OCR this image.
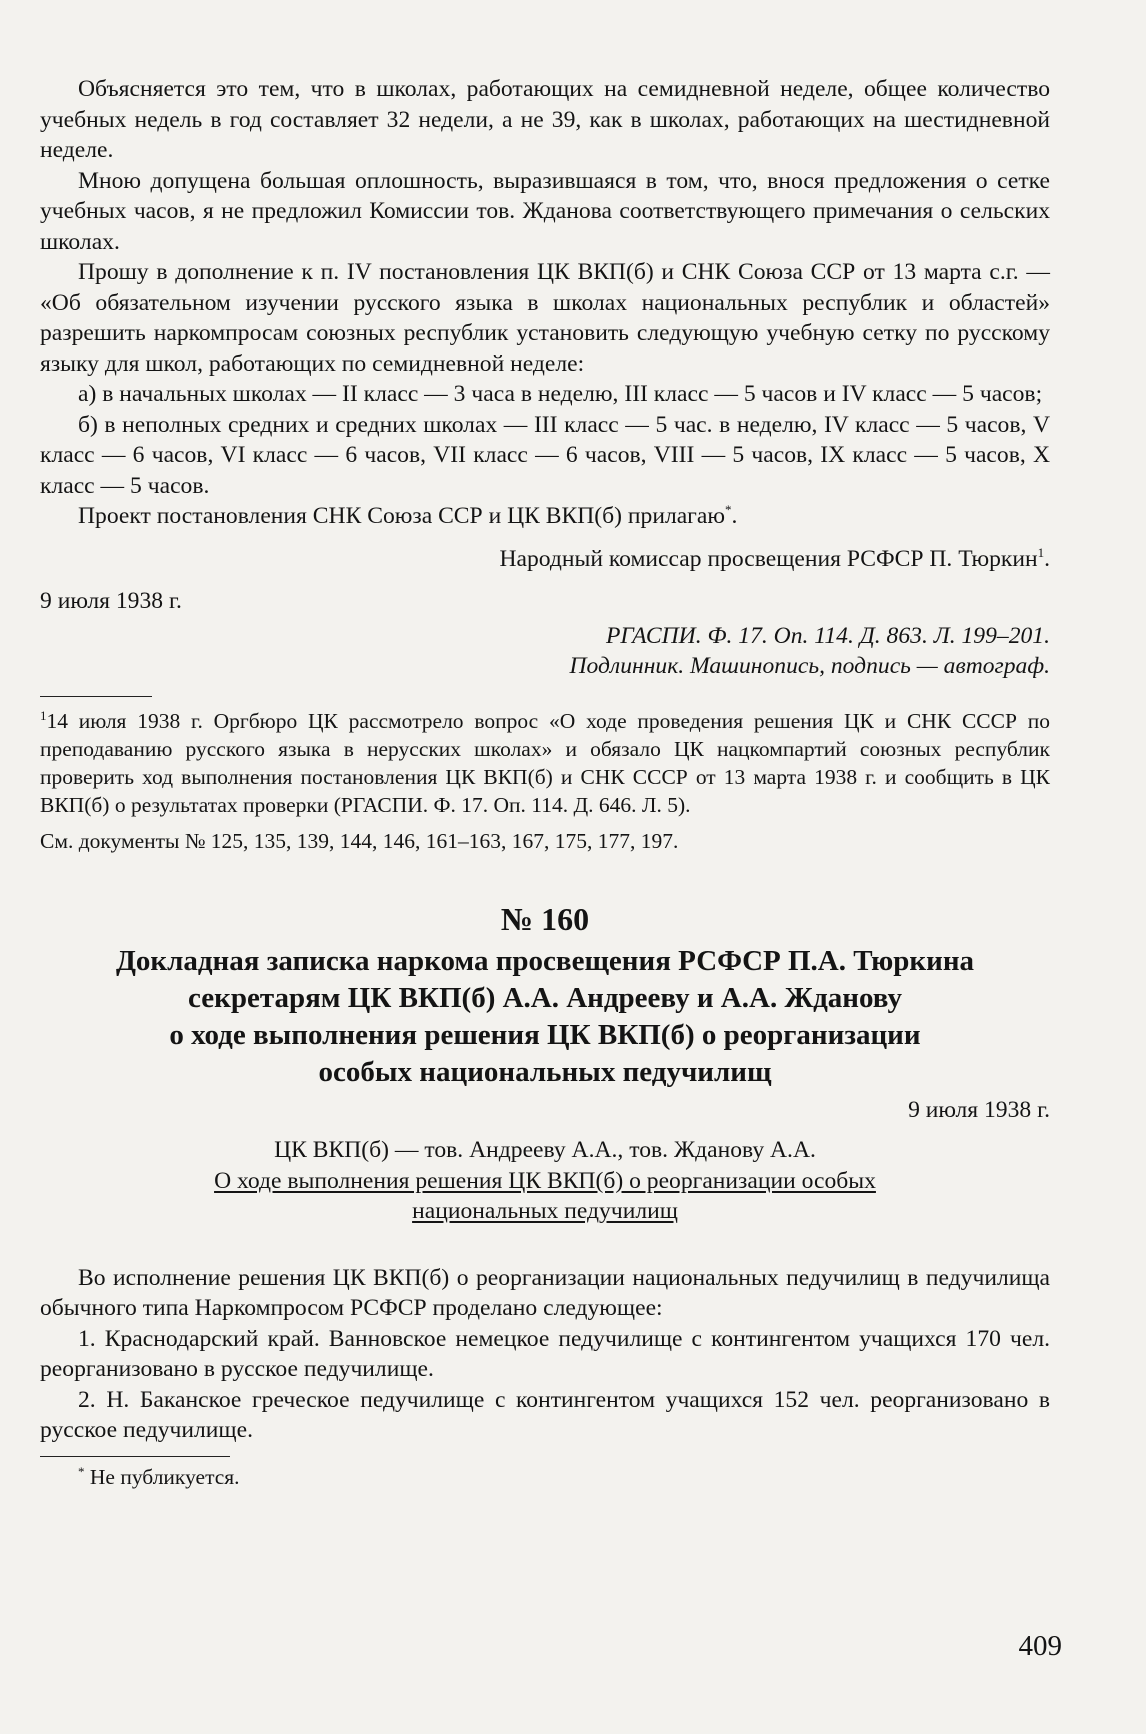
Объясняется это тем, что в школах, работающих на семидневной неделе, общее количество учебных недель в год составляет 32 недели, а не 39, как в школах, работающих на шестидневной неделе.

Мною допущена большая оплошность, выразившаяся в том, что, внося предложения о сетке учебных часов, я не предложил Комиссии тов. Жданова соответствующего примечания о сельских школах.

Прошу в дополнение к п. IV постановления ЦК ВКП(б) и СНК Союза ССР от 13 марта с.г. — «Об обязательном изучении русского языка в школах национальных республик и областей» разрешить наркомпросам союзных республик установить следующую учебную сетку по русскому языку для школ, работающих по семидневной неделе:

а) в начальных школах — II класс — 3 часа в неделю, III класс — 5 часов и IV класс — 5 часов;

б) в неполных средних и средних школах — III класс — 5 час. в неделю, IV класс — 5 часов, V класс — 6 часов, VI класс — 6 часов, VII класс — 6 часов, VIII — 5 часов, IX класс — 5 часов, X класс — 5 часов.

Проект постановления СНК Союза ССР и ЦК ВКП(б) прилагаю*.

Народный комиссар просвещения РСФСР П. Тюркин$^1$.

9 июля 1938 г.

РГАСПИ. Ф. 17. Оп. 114. Д. 863. Л. 199–201.

Подлинник. Машинопись, подпись — автограф.

$^1$14 июля 1938 г. Оргбюро ЦК рассмотрело вопрос «О ходе проведения решения ЦК и СНК СССР по преподаванию русского языка в нерусских школах» и обязало ЦК нацкомпартий союзных республик проверить ход выполнения постановления ЦК ВКП(б) и СНК СССР от 13 марта 1938 г. и сообщить в ЦК ВКП(б) о результатах проверки (РГАСПИ. Ф. 17. Оп. 114. Д. 646. Л. 5).

См. документы № 125, 135, 139, 144, 146, 161–163, 167, 175, 177, 197.

№ 160
Докладная записка наркома просвещения РСФСР П.А. Тюркина
секретарям ЦК ВКП(б) А.А. Андрееву и А.А. Жданову
о ходе выполнения решения ЦК ВКП(б) о реорганизации
особых национальных педучилищ

9 июля 1938 г.

ЦК ВКП(б) — тов. Андрееву А.А., тов. Жданову А.А.

О ходе выполнения решения ЦК ВКП(б) о реорганизации особых

национальных педучилищ

Во исполнение решения ЦК ВКП(б) о реорганизации национальных педучилищ в педучилища обычного типа Наркомпросом РСФСР проделано следующее:

1. Краснодарский край. Ванновское немецкое педучилище с контингентом учащихся 170 чел. реорганизовано в русское педучилище.

2. Н. Баканское греческое педучилище с контингентом учащихся 152 чел. реорганизовано в русское педучилище.

* Не публикуется.

409
